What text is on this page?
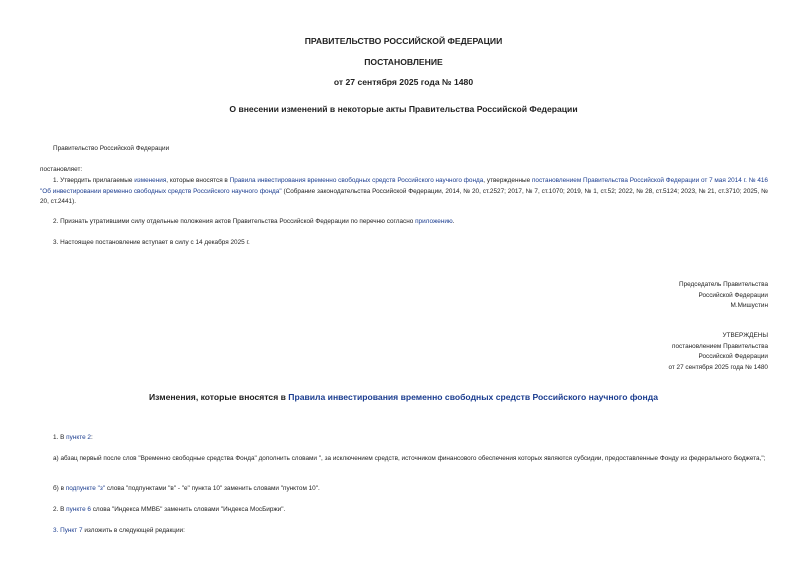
ПРАВИТЕЛЬСТВО РОССИЙСКОЙ ФЕДЕРАЦИИ
ПОСТАНОВЛЕНИЕ
от 27 сентября 2025 года № 1480
О внесении изменений в некоторые акты Правительства Российской Федерации
Правительство Российской Федерации
постановляет:
1. Утвердить прилагаемые изменения, которые вносятся в Правила инвестирования временно свободных средств Российского научного фонда, утвержденные постановлением Правительства Российской Федерации от 7 мая 2014 г. № 416 "Об инвестировании временно свободных средств Российского научного фонда" (Собрание законодательства Российской Федерации, 2014, № 20, ст.2527; 2017, № 7, ст.1070; 2019, № 1, ст.52; 2022, № 28, ст.5124; 2023, № 21, ст.3710; 2025, № 20, ст.2441).
2. Признать утратившими силу отдельные положения актов Правительства Российской Федерации по перечню согласно приложению.
3. Настоящее постановление вступает в силу с 14 декабря 2025 г.
Председатель Правительства
Российской Федерации
М.Мишустин
УТВЕРЖДЕНЫ
постановлением Правительства
Российской Федерации
от 27 сентября 2025 года № 1480
Изменения, которые вносятся в Правила инвестирования временно свободных средств Российского научного фонда
1. В пункте 2:
а) абзац первый после слов "Временно свободные средства Фонда" дополнить словами ", за исключением средств, источником финансового обеспечения которых являются субсидии, предоставленные Фонду из федерального бюджета,";
б) в подпункте "з" слова "подпунктами "в" - "е" пункта 10" заменить словами "пунктом 10".
2. В пункте 6 слова "Индекса ММВБ" заменить словами "Индекса МосБиржи".
3. Пункт 7 изложить в следующей редакции:
